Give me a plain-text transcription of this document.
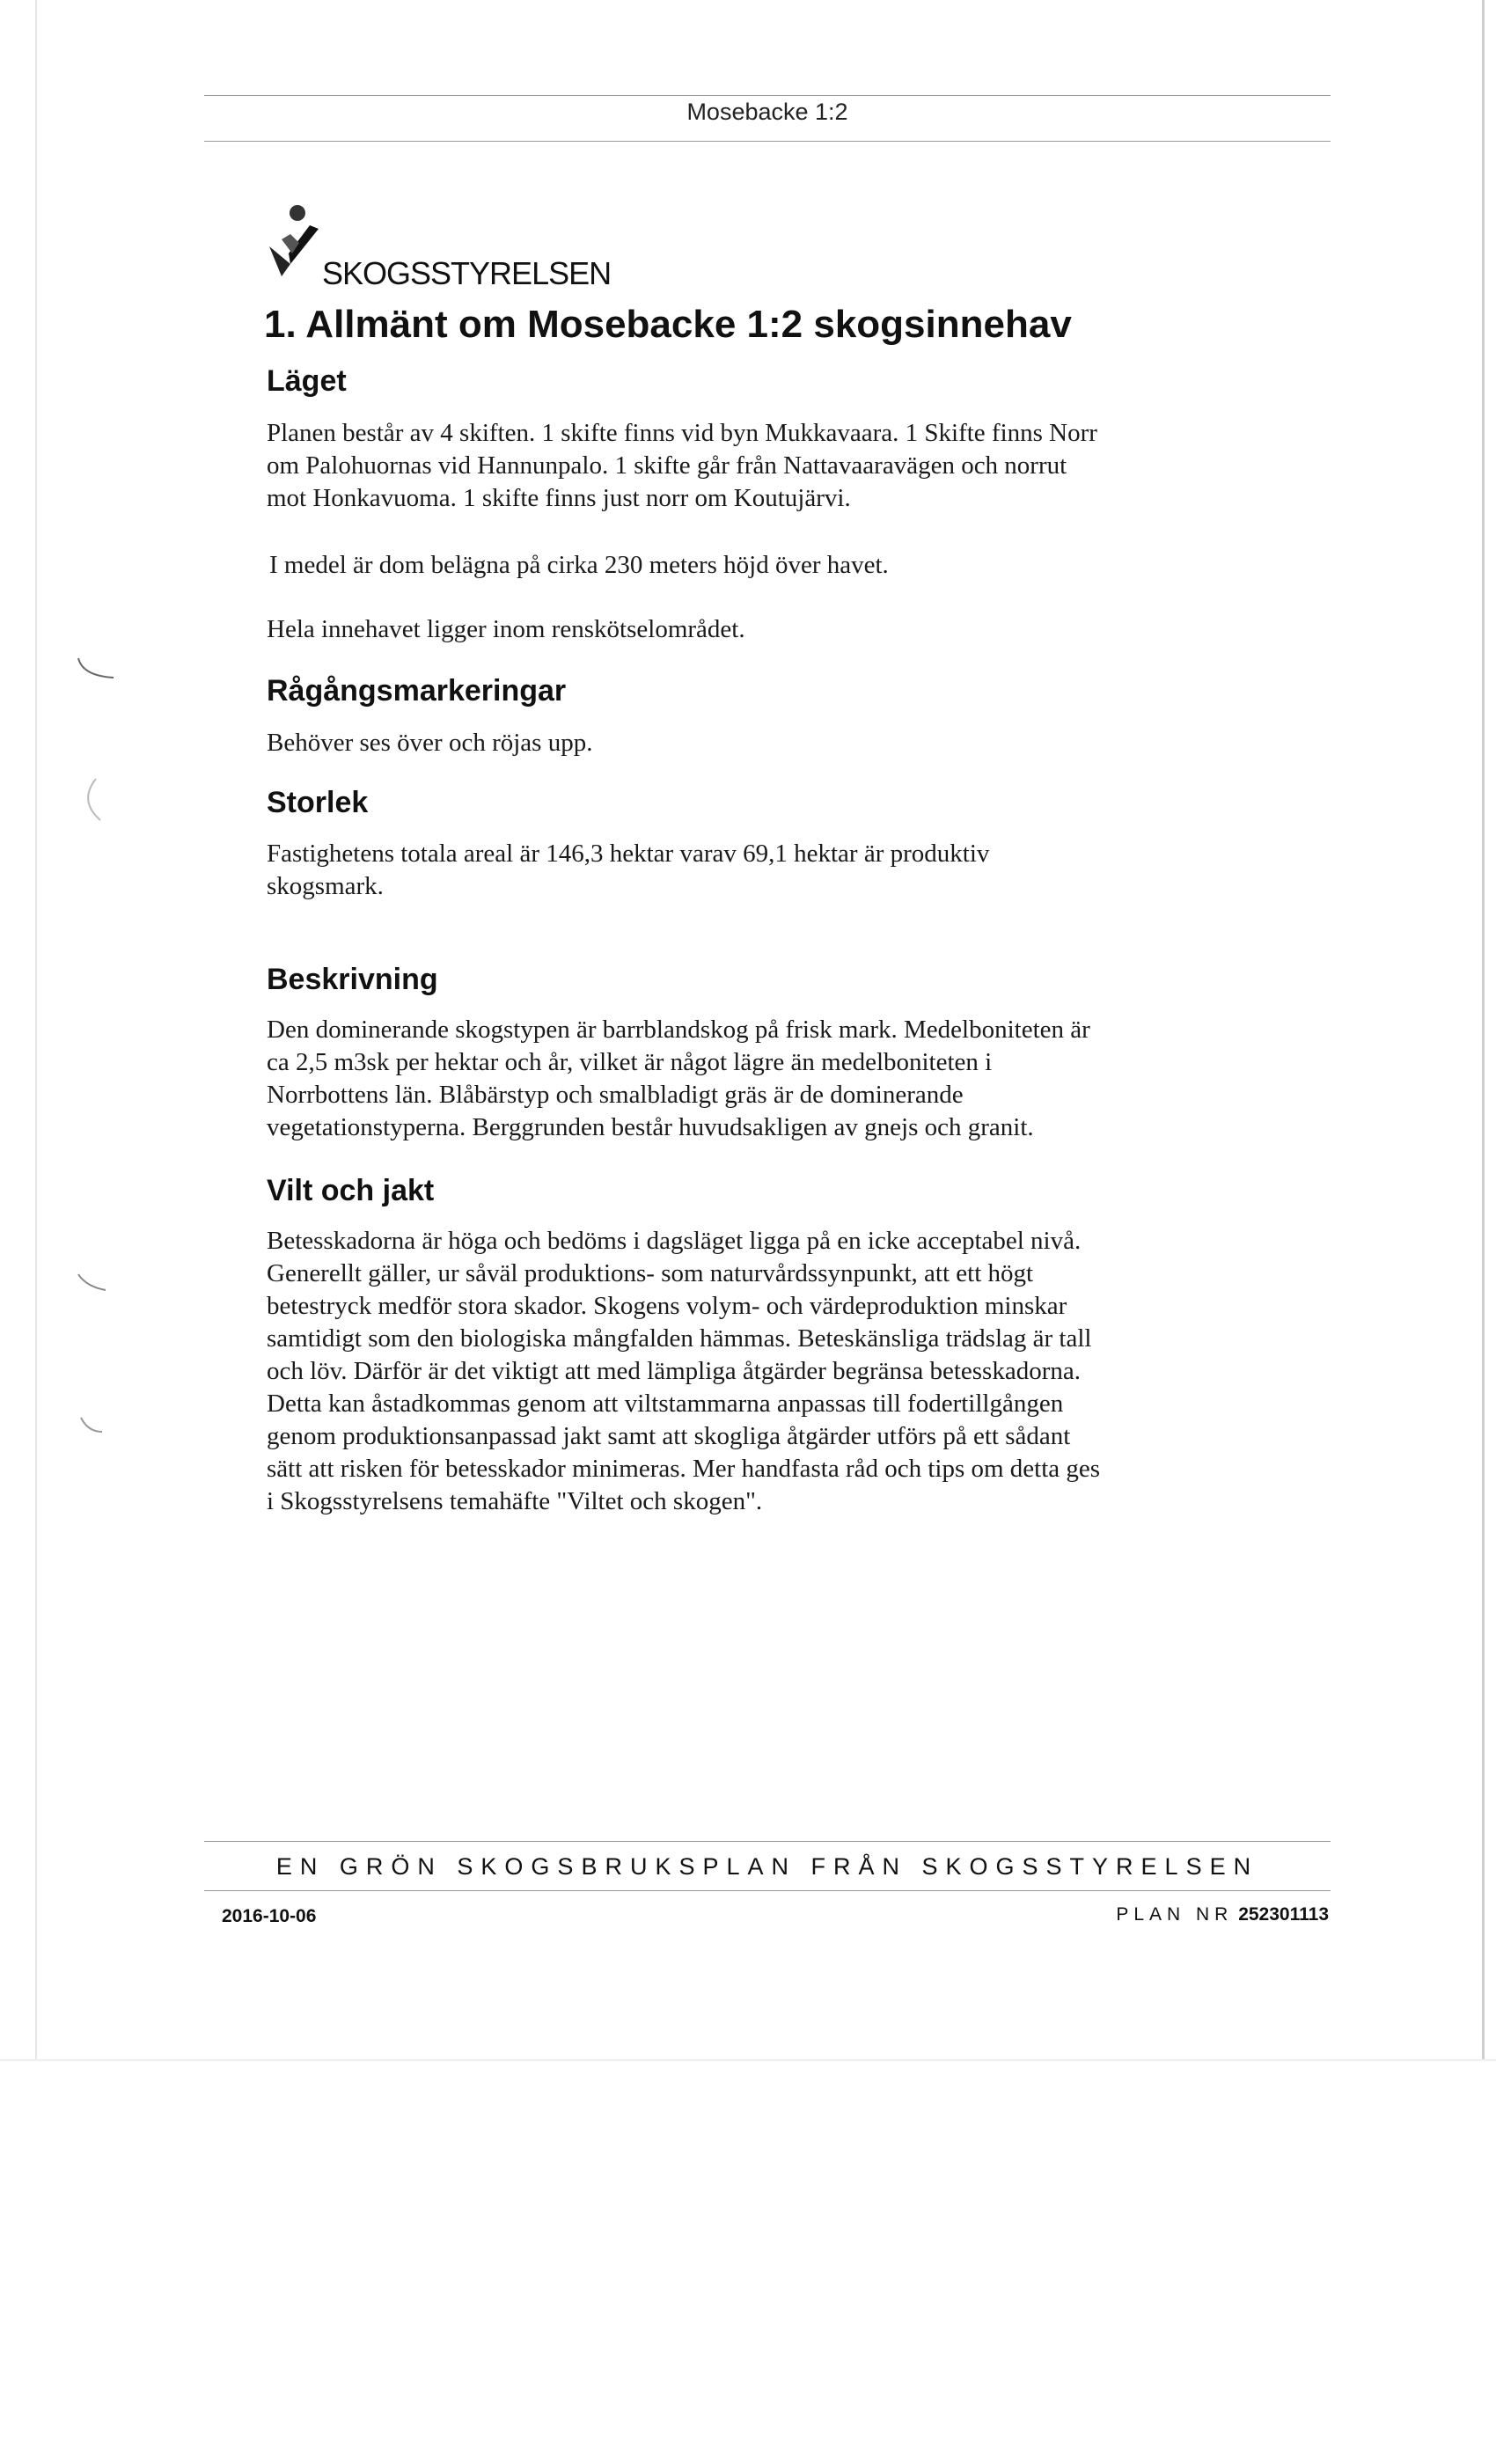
Mosebacke 1:2
SKOGSSTYRELSEN
1. Allmänt om Mosebacke 1:2 skogsinnehav
Läget
Planen består av 4 skiften. 1 skifte finns vid byn Mukkavaara. 1 Skifte finns Norr
om Palohuornas vid Hannunpalo. 1 skifte går från Nattavaaravägen och norrut
mot Honkavuoma. 1 skifte finns just norr om Koutujärvi.
I medel är dom belägna på cirka 230 meters höjd över havet.
Hela innehavet ligger inom renskötselområdet.
Rågångsmarkeringar
Behöver ses över och röjas upp.
Storlek
Fastighetens totala areal är 146,3 hektar varav 69,1 hektar är produktiv
skogsmark.
Beskrivning
Den dominerande skogstypen är barrblandskog på frisk mark. Medelboniteten är
ca 2,5 m3sk per hektar och år, vilket är något lägre än medelboniteten i
Norrbottens län. Blåbärstyp och smalbladigt gräs är de dominerande
vegetationstyperna. Berggrunden består huvudsakligen av gnejs och granit.
Vilt och jakt
Betesskadorna är höga och bedöms i dagsläget ligga på en icke acceptabel nivå.
Generellt gäller, ur såväl produktions- som naturvårdssynpunkt, att ett högt
betestryck medför stora skador. Skogens volym- och värdeproduktion minskar
samtidigt som den biologiska mångfalden hämmas. Beteskänsliga trädslag är tall
och löv. Därför är det viktigt att med lämpliga åtgärder begränsa betesskadorna.
Detta kan åstadkommas genom att viltstammarna anpassas till fodertillgången
genom produktionsanpassad jakt samt att skogliga åtgärder utförs på ett sådant
sätt att risken för betesskador minimeras. Mer handfasta råd och tips om detta ges
i Skogsstyrelsens temahäfte "Viltet och skogen".
EN GRÖN SKOGSBRUKSPLAN FRÅN SKOGSSTYRELSEN
2016-10-06	PLAN NR 252301113
